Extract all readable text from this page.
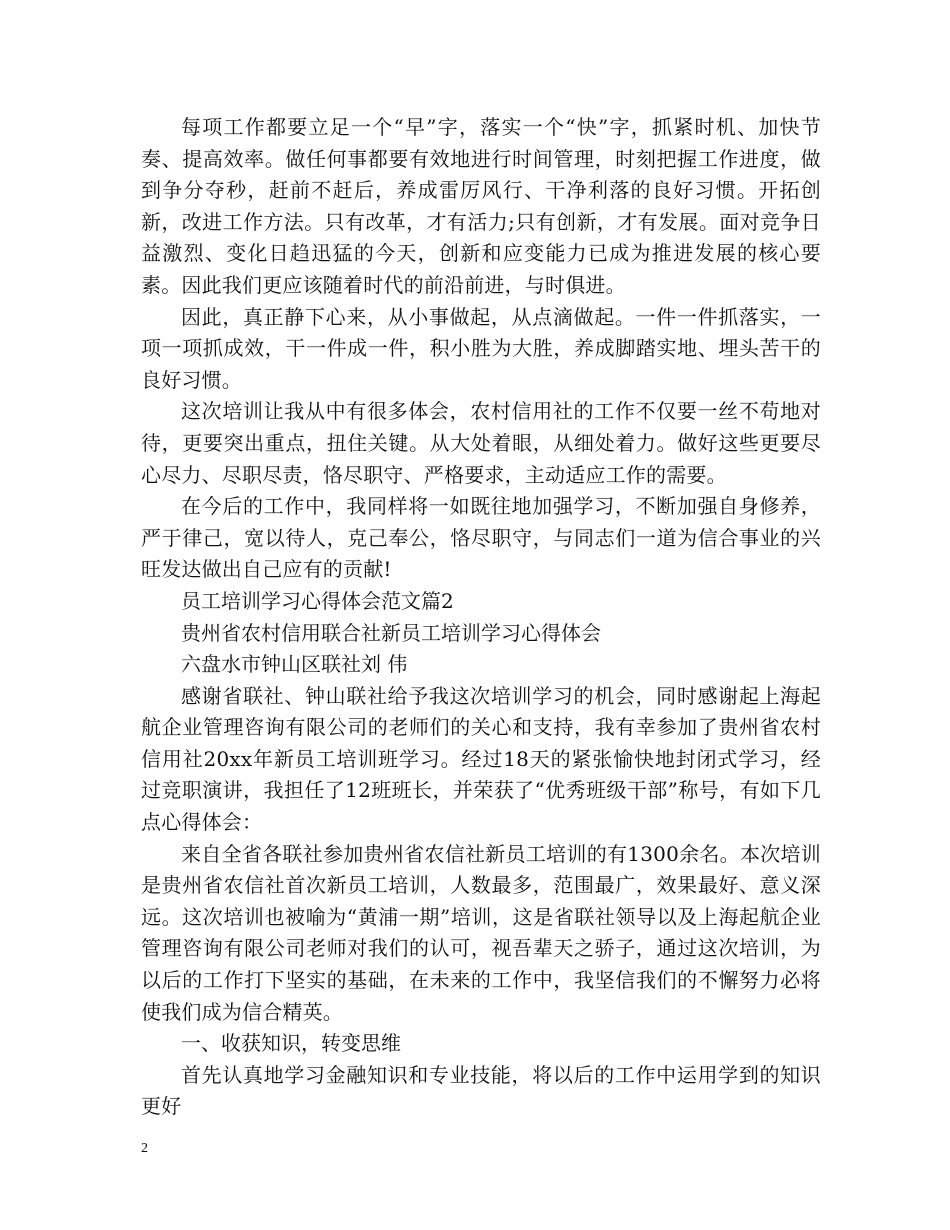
每项工作都要立足一个“早”字，落实一个“快”字，抓紧时机、加快节奏、提高效率。做任何事都要有效地进行时间管理，时刻把握工作进度，做到争分夺秒，赶前不赶后，养成雷厉风行、干净利落的良好习惯。开拓创新，改进工作方法。只有改革，才有活力;只有创新，才有发展。面对竞争日益激烈、变化日趋迅猛的今天，创新和应变能力已成为推进发展的核心要素。因此我们更应该随着时代的前沿前进，与时俱进。

因此，真正静下心来，从小事做起，从点滴做起。一件一件抓落实，一项一项抓成效，干一件成一件，积小胜为大胜，养成脚踏实地、埋头苦干的良好习惯。

这次培训让我从中有很多体会，农村信用社的工作不仅要一丝不苟地对待，更要突出重点，扭住关键。从大处着眼，从细处着力。做好这些更要尽心尽力、尽职尽责，恪尽职守、严格要求，主动适应工作的需要。

在今后的工作中，我同样将一如既往地加强学习，不断加强自身修养，严于律己，宽以待人，克己奉公，恪尽职守，与同志们一道为信合事业的兴旺发达做出自己应有的贡献!

员工培训学习心得体会范文篇2

贵州省农村信用联合社新员工培训学习心得体会

六盘水市钟山区联社刘 伟

感谢省联社、钟山联社给予我这次培训学习的机会，同时感谢起上海起航企业管理咨询有限公司的老师们的关心和支持，我有幸参加了贵州省农村信用社20xx年新员工培训班学习。经过18天的紧张愉快地封闭式学习，经过竞职演讲，我担任了12班班长，并荣获了“优秀班级干部”称号，有如下几点心得体会：

来自全省各联社参加贵州省农信社新员工培训的有1300余名。本次培训是贵州省农信社首次新员工培训，人数最多，范围最广，效果最好、意义深远。这次培训也被喻为“黄浦一期”培训，这是省联社领导以及上海起航企业管理咨询有限公司老师对我们的认可，视吾辈天之骄子，通过这次培训，为以后的工作打下坚实的基础，在未来的工作中，我坚信我们的不懈努力必将使我们成为信合精英。

一、收获知识，转变思维

首先认真地学习金融知识和专业技能，将以后的工作中运用学到的知识更好

2
